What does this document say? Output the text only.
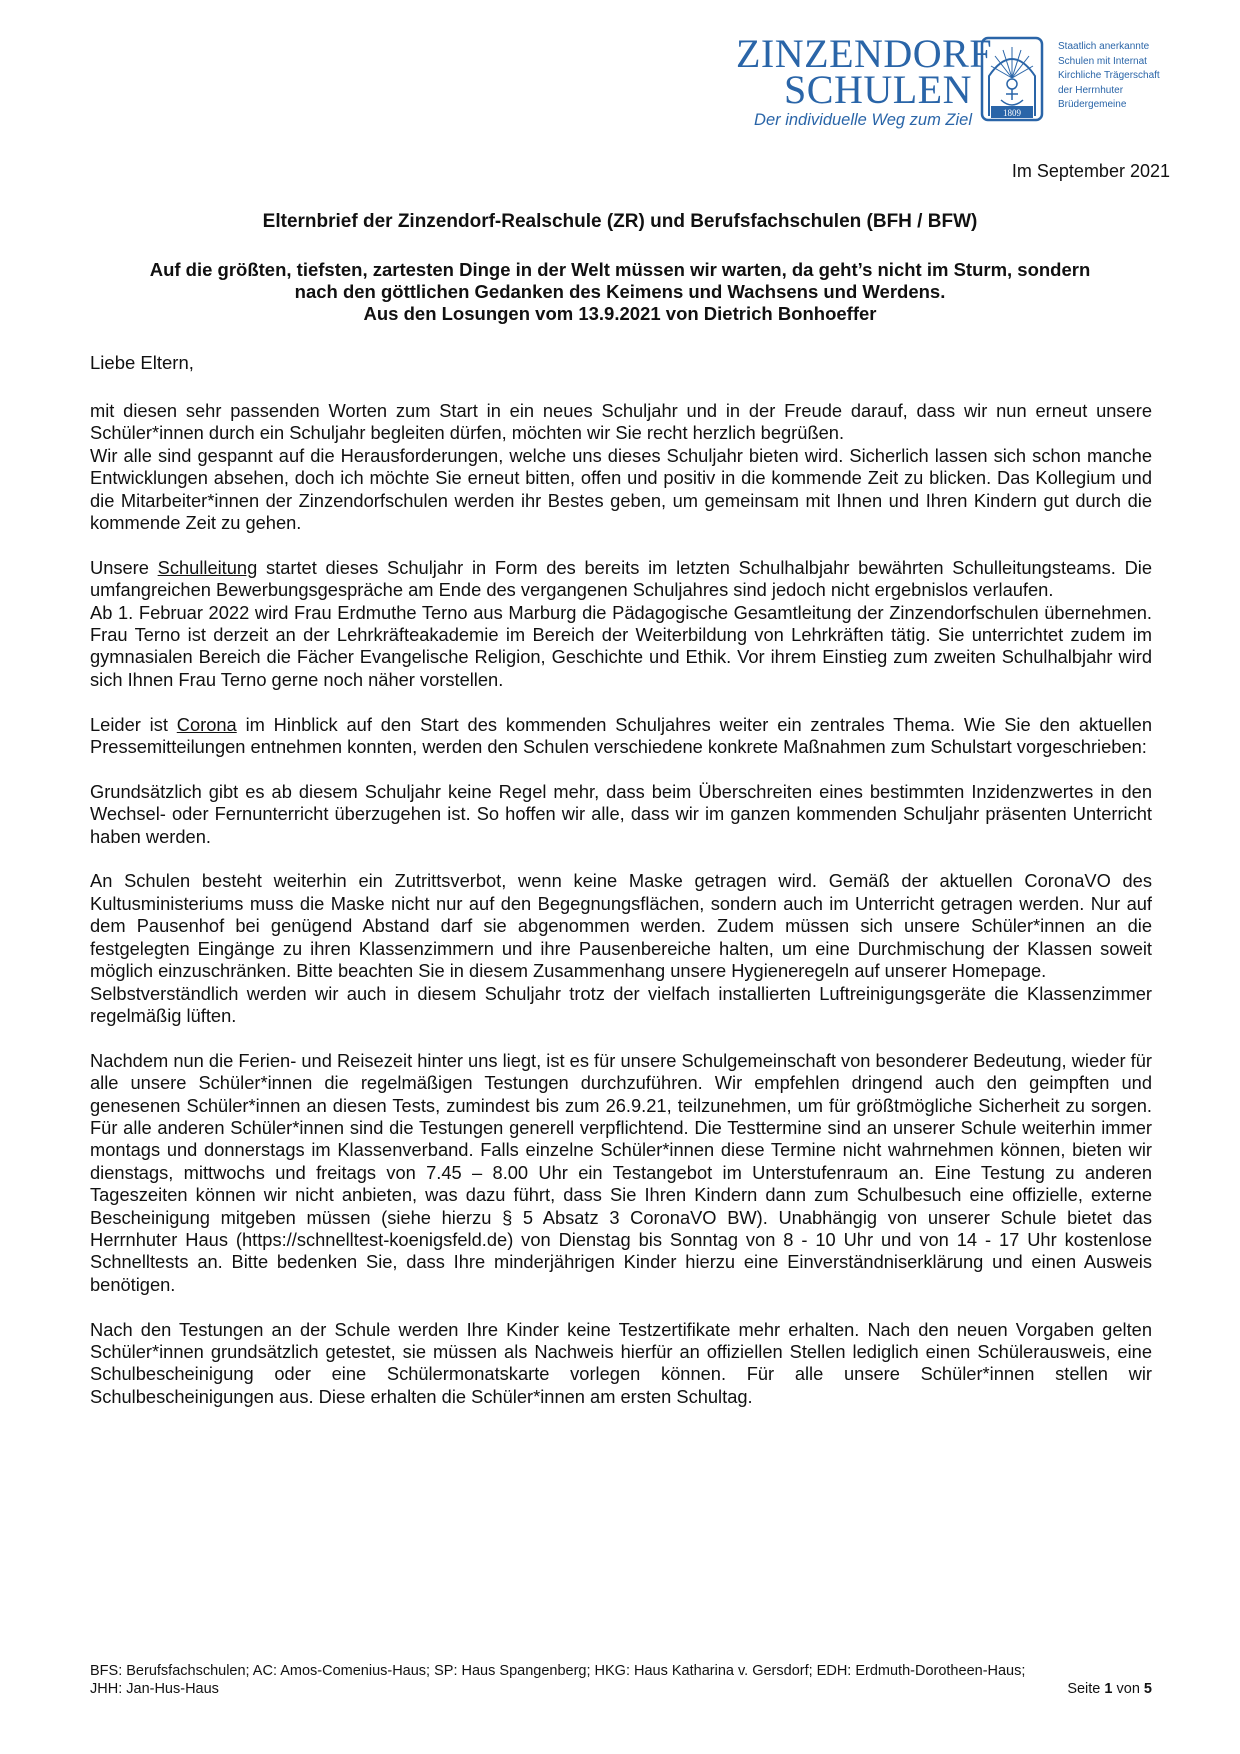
ZINZENDORF
SCHULEN
Der individuelle Weg zum Ziel	1809
Staatlich anerkannte
Schulen mit Internat
Kirchliche Trägerschaft
der Herrnhuter
Brüdergemeine
Im September 2021
Elternbrief der Zinzendorf-Realschule (ZR) und Berufsfachschulen (BFH / BFW)
Auf die größten, tiefsten, zartesten Dinge in der Welt müssen wir warten, da geht’s nicht im Sturm, sondern
nach den göttlichen Gedanken des Keimens und Wachsens und Werdens.
Aus den Losungen vom 13.9.2021 von Dietrich Bonhoeffer
Liebe Eltern,

mit diesen sehr passenden Worten zum Start in ein neues Schuljahr und in der Freude darauf, dass wir nun erneut unsere Schüler*innen durch ein Schuljahr begleiten dürfen, möchten wir Sie recht herzlich begrüßen.
Wir alle sind gespannt auf die Herausforderungen, welche uns dieses Schuljahr bieten wird. Sicherlich lassen sich schon manche Entwicklungen absehen, doch ich möchte Sie erneut bitten, offen und positiv in die kommende Zeit zu blicken. Das Kollegium und die Mitarbeiter*innen der Zinzendorfschulen werden ihr Bestes geben, um gemeinsam mit Ihnen und Ihren Kindern gut durch die kommende Zeit zu gehen.

Unsere Schulleitung startet dieses Schuljahr in Form des bereits im letzten Schulhalbjahr bewährten Schulleitungsteams. Die umfangreichen Bewerbungsgespräche am Ende des vergangenen Schuljahres sind jedoch nicht ergebnislos verlaufen.
Ab 1. Februar 2022 wird Frau Erdmuthe Terno aus Marburg die Pädagogische Gesamtleitung der Zinzendorfschulen übernehmen. Frau Terno ist derzeit an der Lehrkräfteakademie im Bereich der Weiterbildung von Lehrkräften tätig. Sie unterrichtet zudem im gymnasialen Bereich die Fächer Evangelische Religion, Geschichte und Ethik. Vor ihrem Einstieg zum zweiten Schulhalbjahr wird sich Ihnen Frau Terno gerne noch näher vorstellen.

Leider ist Corona im Hinblick auf den Start des kommenden Schuljahres weiter ein zentrales Thema. Wie Sie den aktuellen Pressemitteilungen entnehmen konnten, werden den Schulen verschiedene konkrete Maßnahmen zum Schulstart vorgeschrieben:

Grundsätzlich gibt es ab diesem Schuljahr keine Regel mehr, dass beim Überschreiten eines bestimmten Inzidenzwertes in den Wechsel- oder Fernunterricht überzugehen ist. So hoffen wir alle, dass wir im ganzen kommenden Schuljahr präsenten Unterricht haben werden.

An Schulen besteht weiterhin ein Zutrittsverbot, wenn keine Maske getragen wird. Gemäß der aktuellen CoronaVO des Kultusministeriums muss die Maske nicht nur auf den Begegnungsflächen, sondern auch im Unterricht getragen werden. Nur auf dem Pausenhof bei genügend Abstand darf sie abgenommen werden. Zudem müssen sich unsere Schüler*innen an die festgelegten Eingänge zu ihren Klassenzimmern und ihre Pausenbereiche halten, um eine Durchmischung der Klassen soweit möglich einzuschränken. Bitte beachten Sie in diesem Zusammenhang unsere Hygieneregeln auf unserer Homepage.
Selbstverständlich werden wir auch in diesem Schuljahr trotz der vielfach installierten Luftreinigungsgeräte die Klassenzimmer regelmäßig lüften.

Nachdem nun die Ferien- und Reisezeit hinter uns liegt, ist es für unsere Schulgemeinschaft von besonderer Bedeutung, wieder für alle unsere Schüler*innen die regelmäßigen Testungen durchzuführen. Wir empfehlen dringend auch den geimpften und genesenen Schüler*innen an diesen Tests, zumindest bis zum 26.9.21, teilzunehmen, um für größtmögliche Sicherheit zu sorgen. Für alle anderen Schüler*innen sind die Testungen generell verpflichtend. Die Testtermine sind an unserer Schule weiterhin immer montags und donnerstags im Klassenverband. Falls einzelne Schüler*innen diese Termine nicht wahrnehmen können, bieten wir dienstags, mittwochs und freitags von 7.45 – 8.00 Uhr ein Testangebot im Unterstufenraum an. Eine Testung zu anderen Tageszeiten können wir nicht anbieten, was dazu führt, dass Sie Ihren Kindern dann zum Schulbesuch eine offizielle, externe Bescheinigung mitgeben müssen (siehe hierzu § 5 Absatz 3 CoronaVO BW). Unabhängig von unserer Schule bietet das Herrnhuter Haus (https://schnelltest-koenigsfeld.de) von Dienstag bis Sonntag von 8 - 10 Uhr und von 14 - 17 Uhr kostenlose Schnelltests an. Bitte bedenken Sie, dass Ihre minderjährigen Kinder hierzu eine Einverständniserklärung und einen Ausweis benötigen.

Nach den Testungen an der Schule werden Ihre Kinder keine Testzertifikate mehr erhalten. Nach den neuen Vorgaben gelten Schüler*innen grundsätzlich getestet, sie müssen als Nachweis hierfür an offiziellen Stellen lediglich einen Schülerausweis, eine Schulbescheinigung oder eine Schülermonatskarte vorlegen können. Für alle unsere Schüler*innen stellen wir Schulbescheinigungen aus. Diese erhalten die Schüler*innen am ersten Schultag.

BFS: Berufsfachschulen; AC: Amos-Comenius-Haus; SP: Haus Spangenberg; HKG: Haus Katharina v. Gersdorf; EDH: Erdmuth-Dorotheen-Haus;
JHH: Jan-Hus-Haus	Seite 1 von 5
